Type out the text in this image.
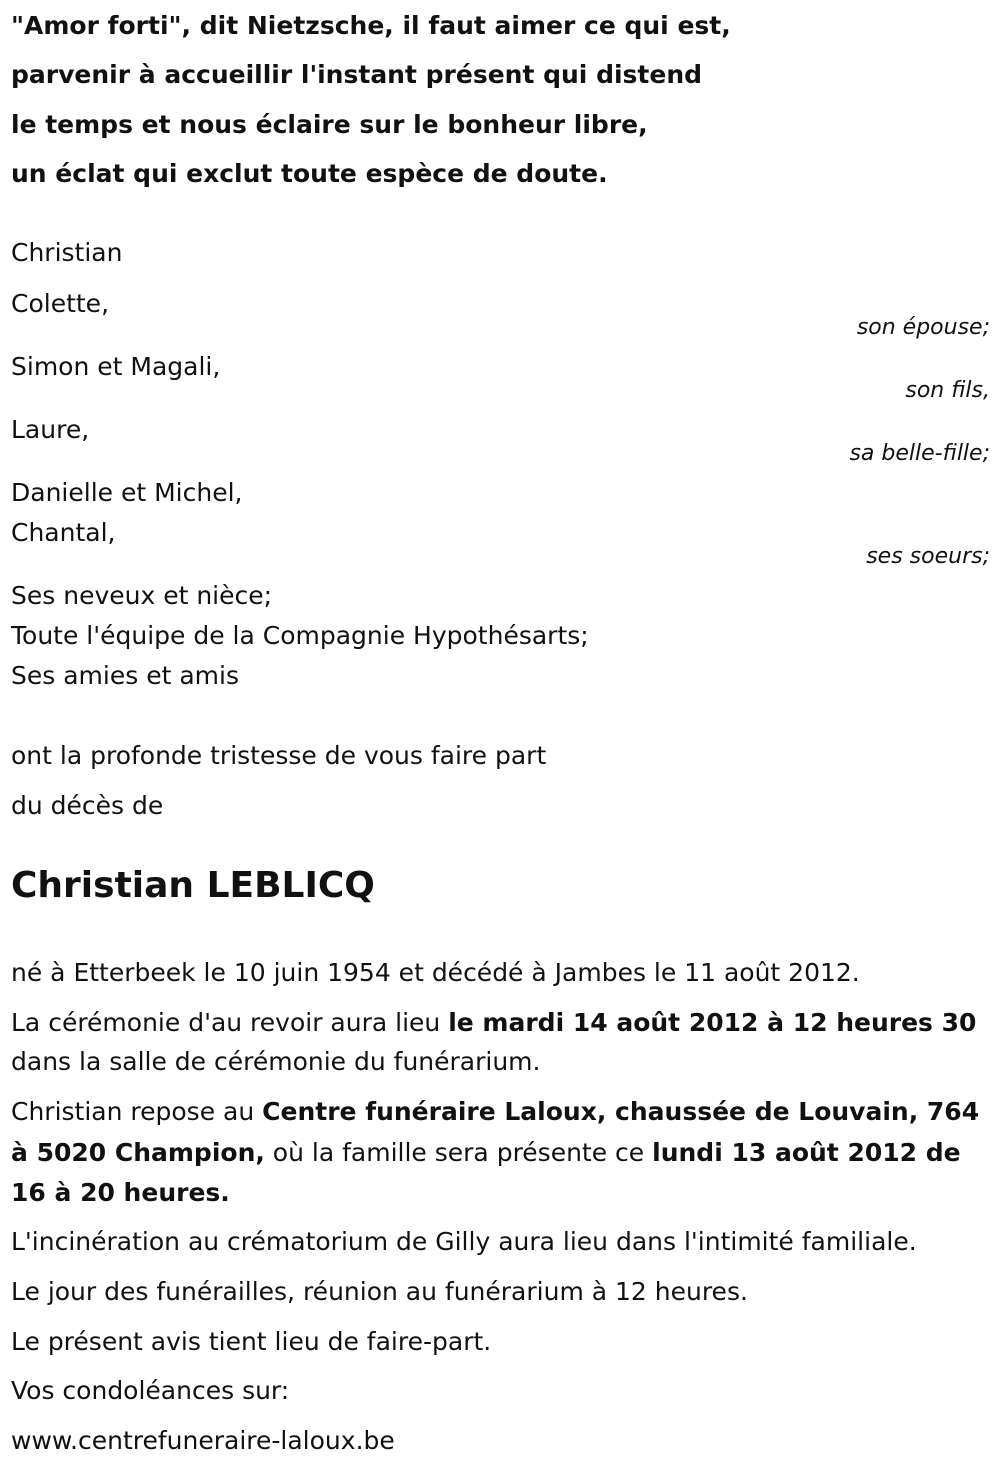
"Amor forti", dit Nietzsche, il faut aimer ce qui est,
parvenir à accueillir l'instant présent qui distend
le temps et nous éclaire sur le bonheur libre,
un éclat qui exclut toute espèce de doute.
Christian
Colette,
son épouse;
Simon et Magali,
son fils,
Laure,
sa belle-fille;
Danielle et Michel,
Chantal,
ses soeurs;
Ses neveux et nièce;
Toute l'équipe de la Compagnie Hypothésarts;
Ses amies et amis
ont la profonde tristesse de vous faire part
du décès de
Christian LEBLICQ
né à Etterbeek le 10 juin 1954 et décédé à Jambes le 11 août 2012.
La cérémonie d'au revoir aura lieu le mardi 14 août 2012 à 12 heures 30
dans la salle de cérémonie du funérarium.
Christian repose au Centre funéraire Laloux, chaussée de Louvain, 764
à 5020 Champion, où la famille sera présente ce lundi 13 août 2012 de
16 à 20 heures.
L'incinération au crématorium de Gilly aura lieu dans l'intimité familiale.
Le jour des funérailles, réunion au funérarium à 12 heures.
Le présent avis tient lieu de faire-part.
Vos condoléances sur:
www.centrefuneraire-laloux.be
